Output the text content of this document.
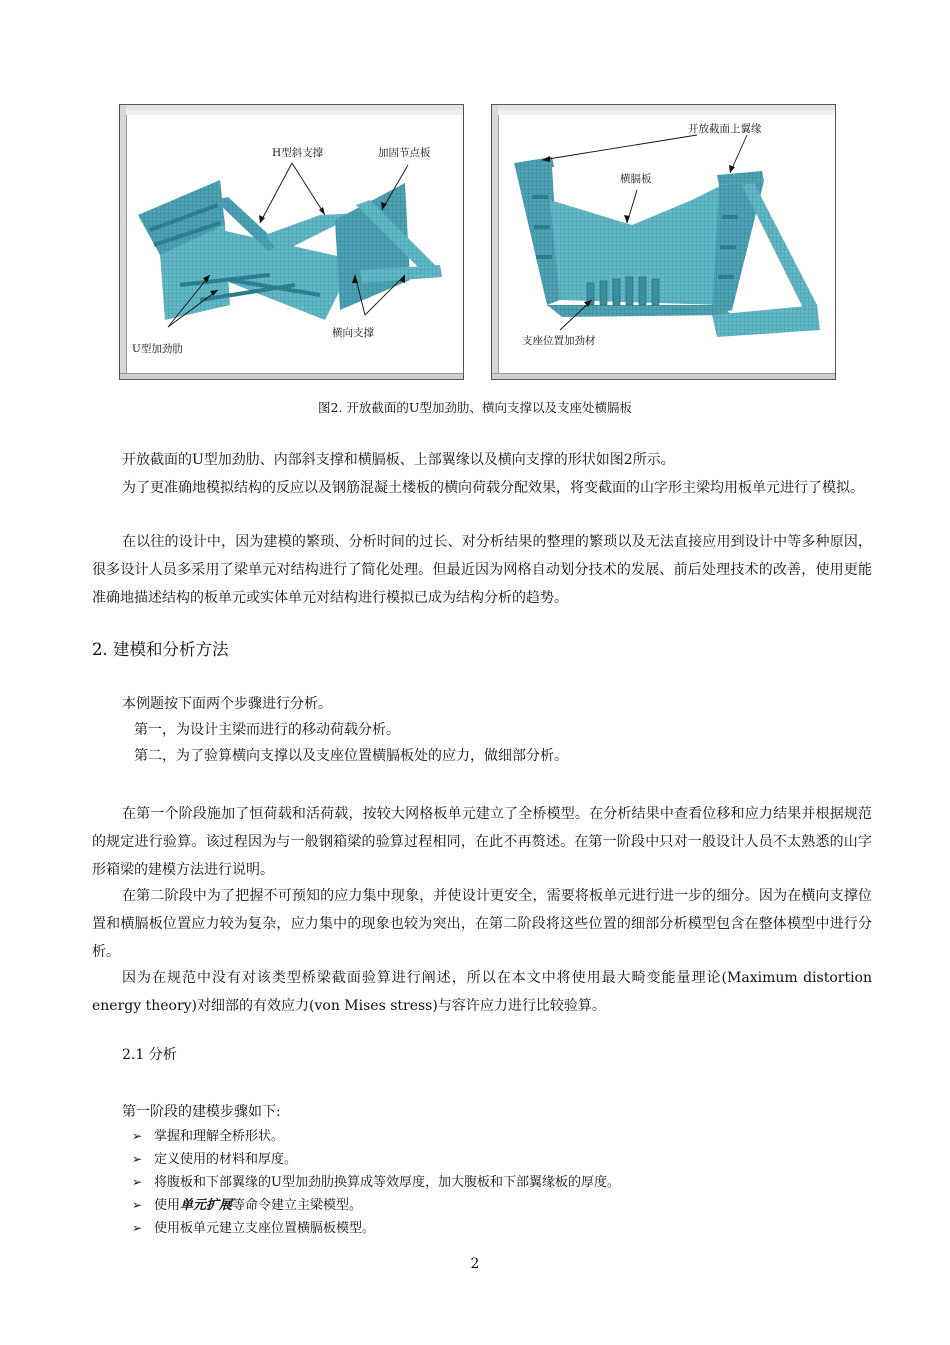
H型斜支撑	加固节点板
横向支撑
U型加劲肋
开放截面上翼缘
横膈板
支座位置加劲材
图2. 开放截面的U型加劲肋、横向支撑以及支座处横膈板

开放截面的U型加劲肋、内部斜支撑和横膈板、上部翼缘以及横向支撑的形状如图2所示。

为了更准确地模拟结构的反应以及钢筋混凝土楼板的横向荷载分配效果，将变截面的山字形主梁均用板单元进行了模拟。

在以往的设计中，因为建模的繁琐、分析时间的过长、对分析结果的整理的繁琐以及无法直接应用到设计中等多种原因，很多设计人员多采用了梁单元对结构进行了简化处理。但最近因为网格自动划分技术的发展、前后处理技术的改善，使用更能准确地描述结构的板单元或实体单元对结构进行模拟已成为结构分析的趋势。

2. 建模和分析方法

本例题按下面两个步骤进行分析。

第一，为设计主梁而进行的移动荷载分析。

第二，为了验算横向支撑以及支座位置横膈板处的应力，做细部分析。

在第一个阶段施加了恒荷载和活荷载，按较大网格板单元建立了全桥模型。在分析结果中查看位移和应力结果并根据规范的规定进行验算。该过程因为与一般钢箱梁的验算过程相同，在此不再赘述。在第一阶段中只对一般设计人员不太熟悉的山字形箱梁的建模方法进行说明。

在第二阶段中为了把握不可预知的应力集中现象，并使设计更安全，需要将板单元进行进一步的细分。因为在横向支撑位置和横膈板位置应力较为复杂，应力集中的现象也较为突出，在第二阶段将这些位置的细部分析模型包含在整体模型中进行分析。

因为在规范中没有对该类型桥梁截面验算进行阐述，所以在本文中将使用最大畸变能量理论(Maximum distortion energy theory)对细部的有效应力(von Mises stress)与容许应力进行比较验算。

2.1 分析

第一阶段的建模步骤如下:

➢ 掌握和理解全桥形状。
➢ 定义使用的材料和厚度。
➢ 将腹板和下部翼缘的U型加劲肋换算成等效厚度，加大腹板和下部翼缘板的厚度。
➢ 使用单元扩展等命令建立主梁模型。
➢ 使用板单元建立支座位置横膈板模型。
2
